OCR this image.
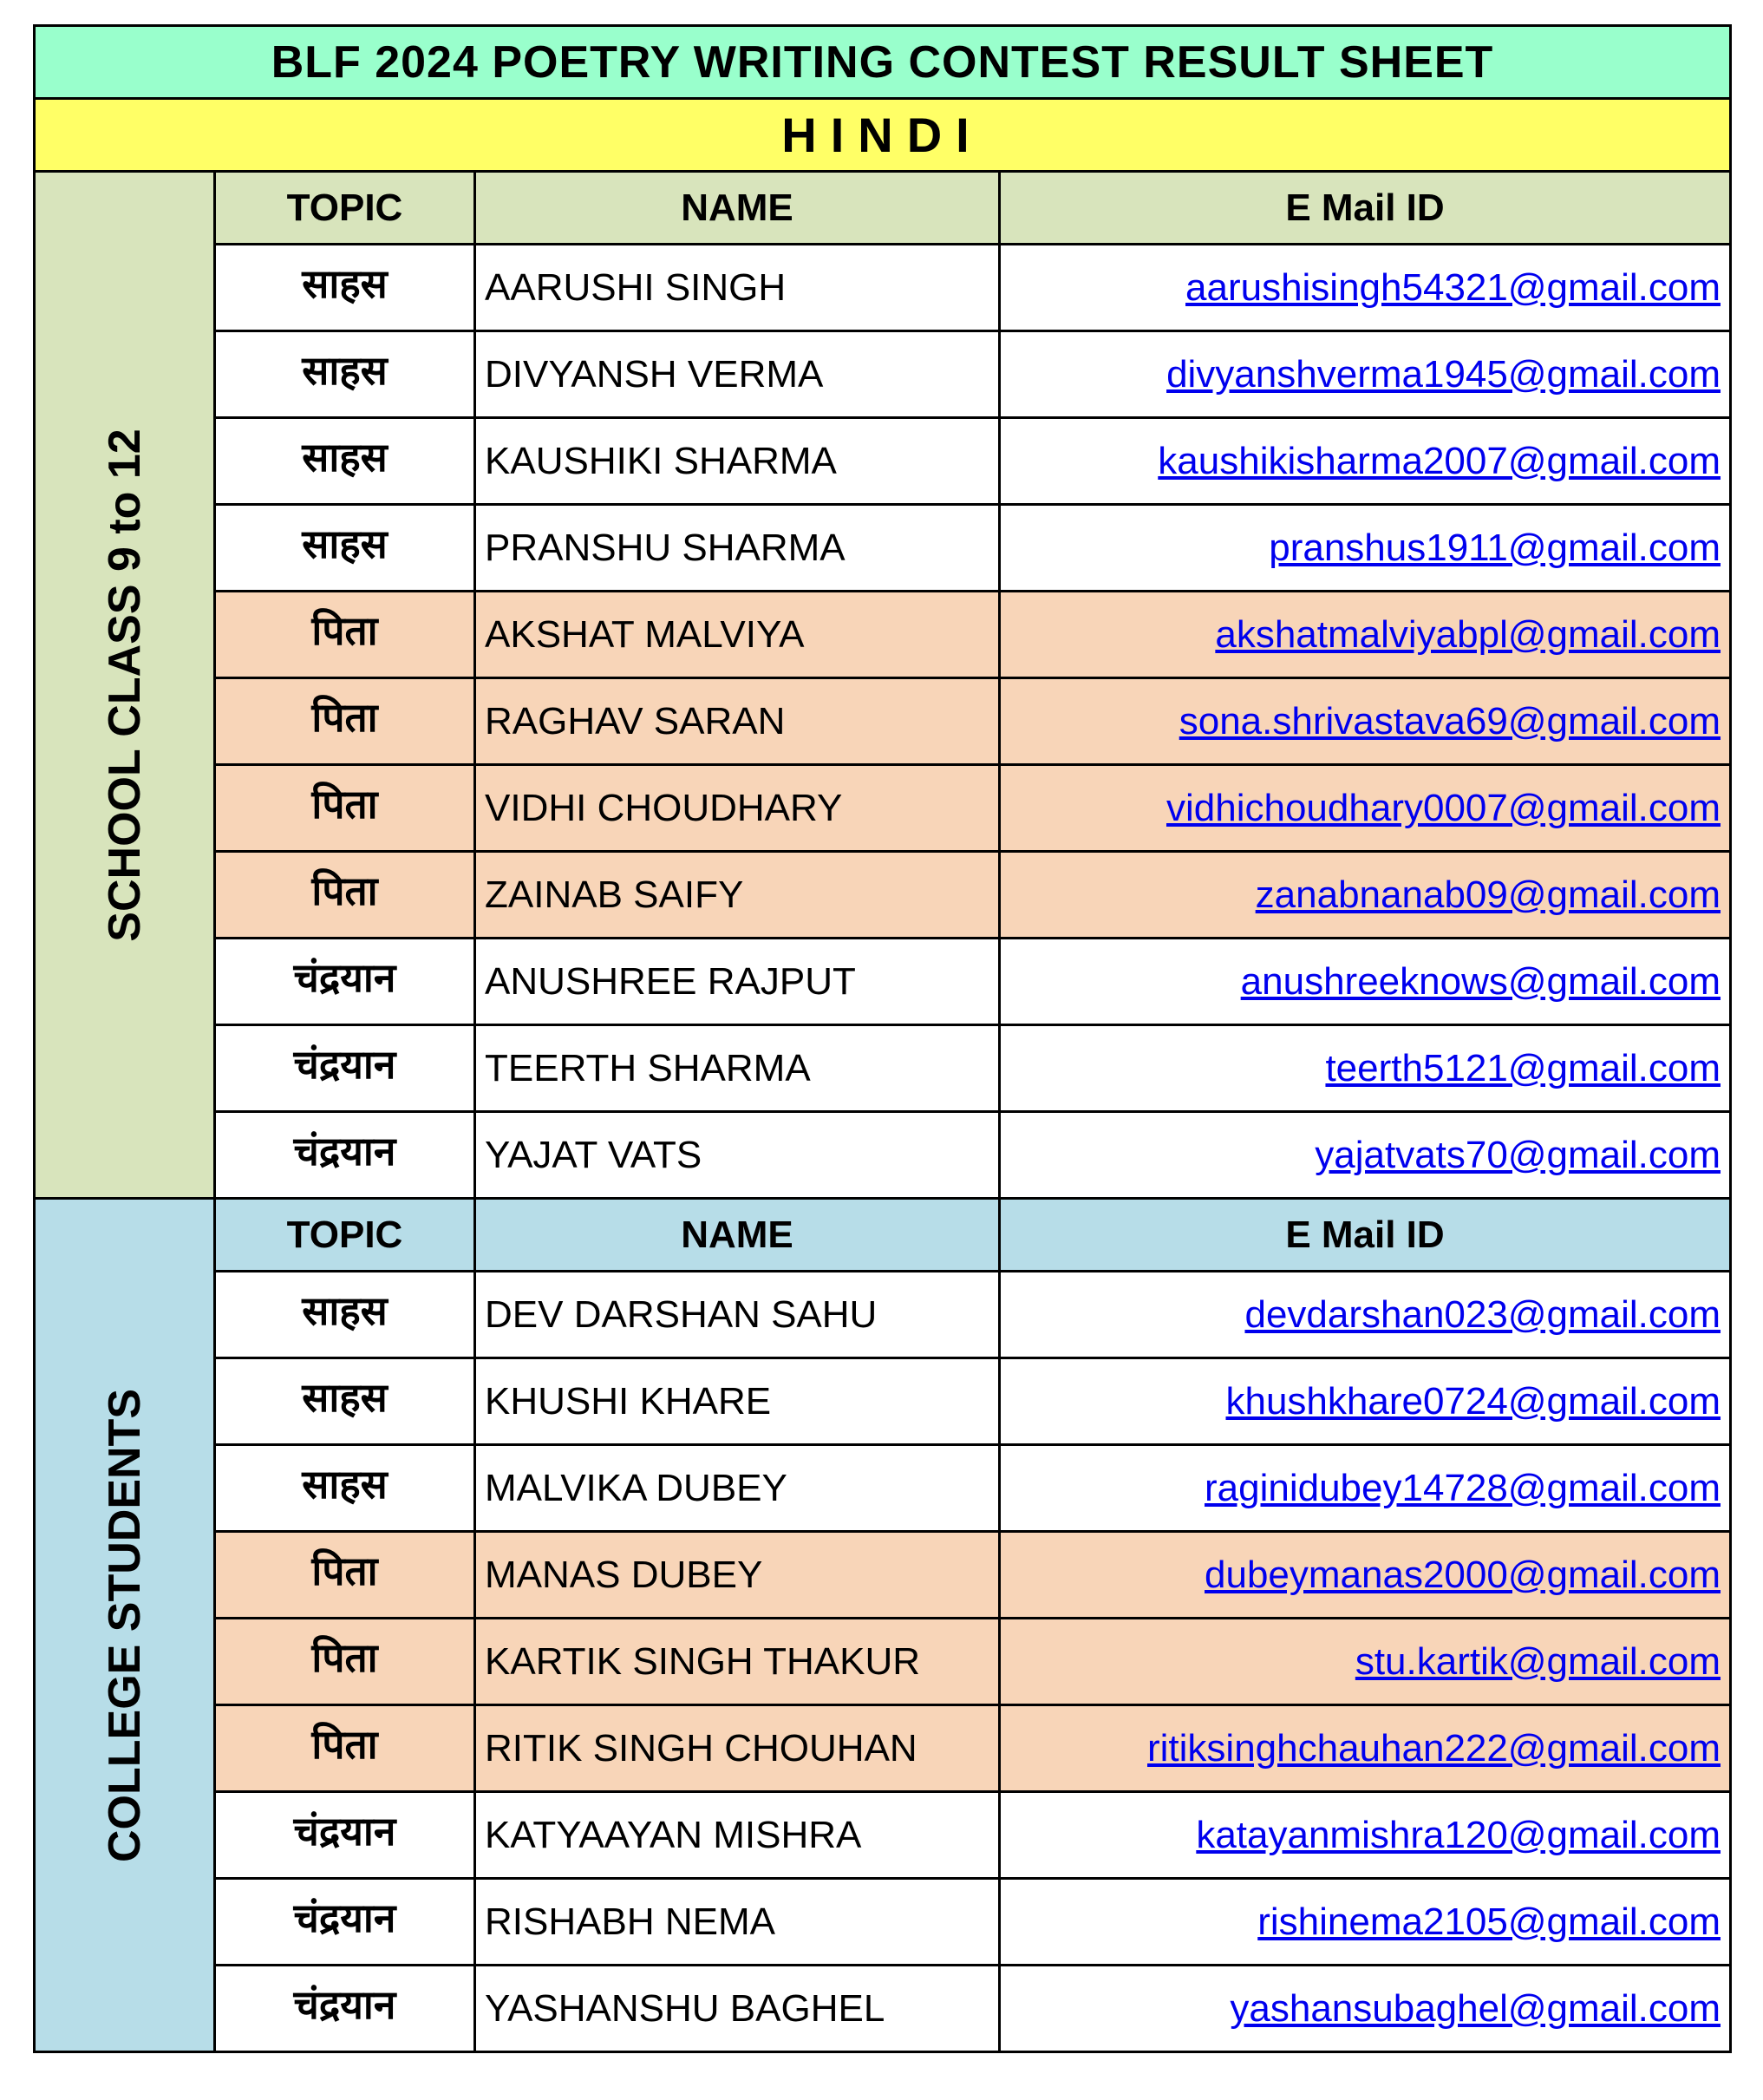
BLF 2024 POETRY WRITING CONTEST RESULT SHEET			
HINDI			

SCHOOL CLASS 9 to 12	TOPIC	NAME	E Mail ID
	साहस	AARUSHI SINGH	aarushisingh54321@gmail.com
	साहस	DIVYANSH VERMA	divyanshverma1945@gmail.com
	साहस	KAUSHIKI SHARMA	kaushikisharma2007@gmail.com
	साहस	PRANSHU SHARMA	pranshus1911@gmail.com
	पिता	AKSHAT MALVIYA	akshatmalviyabpl@gmail.com
	पिता	RAGHAV SARAN	sona.shrivastava69@gmail.com
	पिता	VIDHI CHOUDHARY	vidhichoudhary0007@gmail.com
	पिता	ZAINAB SAIFY	zanabnanab09@gmail.com
	चंद्रयान	ANUSHREE RAJPUT	anushreeknows@gmail.com
	चंद्रयान	TEERTH SHARMA	teerth5121@gmail.com
	चंद्रयान	YAJAT VATS	yajatvats70@gmail.com

COLLEGE STUDENTS	TOPIC	NAME	E Mail ID
	साहस	DEV DARSHAN SAHU	devdarshan023@gmail.com
	साहस	KHUSHI KHARE	khushkhare0724@gmail.com
	साहस	MALVIKA DUBEY	raginidubey14728@gmail.com
	पिता	MANAS DUBEY	dubeymanas2000@gmail.com
	पिता	KARTIK SINGH THAKUR	stu.kartik@gmail.com
	पिता	RITIK SINGH CHOUHAN	ritiksinghchauhan222@gmail.com
	चंद्रयान	KATYAAYAN MISHRA	katayanmishra120@gmail.com
	चंद्रयान	RISHABH NEMA	rishinema2105@gmail.com
	चंद्रयान	YASHANSHU BAGHEL	yashansubaghel@gmail.com
